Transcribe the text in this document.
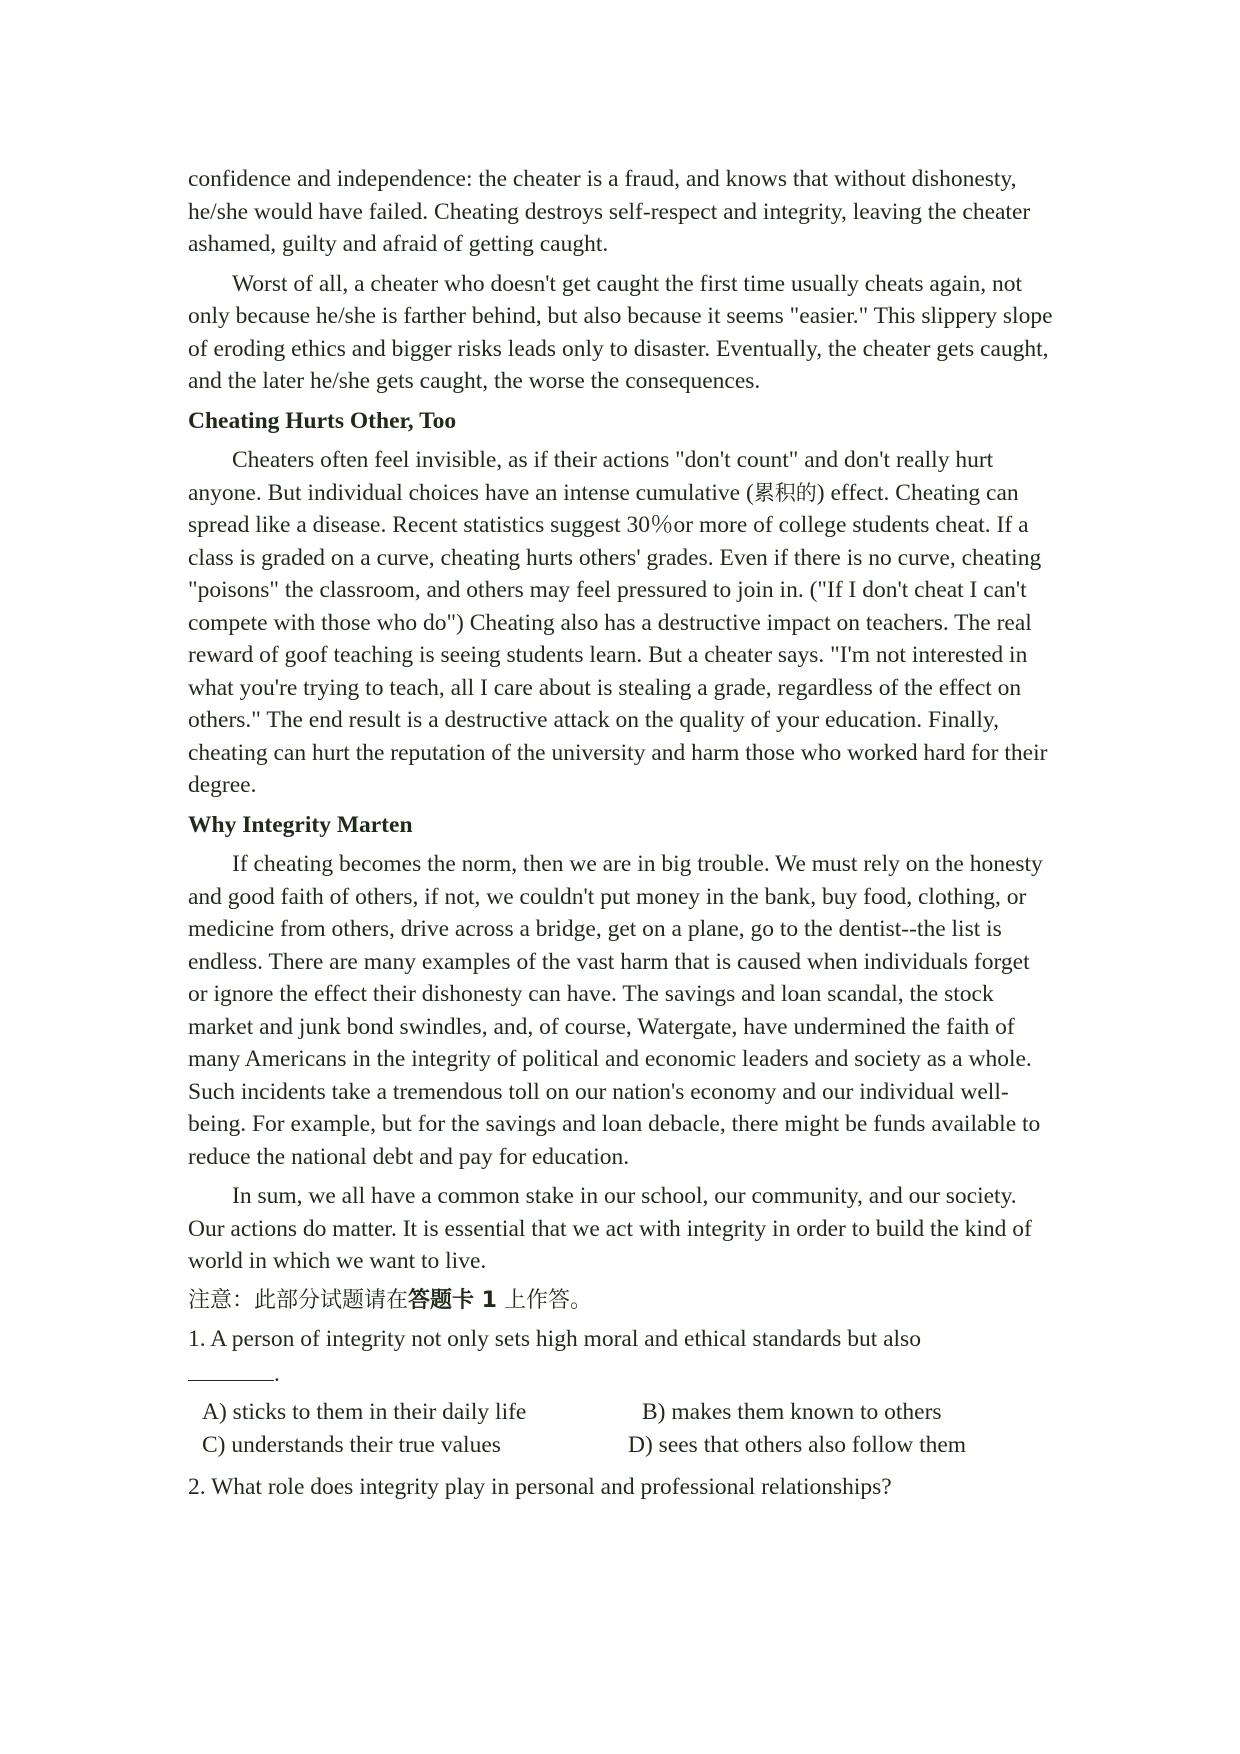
confidence and independence: the cheater is a fraud, and knows that without dishonesty, he/she would have failed. Cheating destroys self-respect and integrity, leaving the cheater ashamed, guilty and afraid of getting caught.

Worst of all, a cheater who doesn't get caught the first time usually cheats again, not only because he/she is farther behind, but also because it seems "easier." This slippery slope of eroding ethics and bigger risks leads only to disaster. Eventually, the cheater gets caught, and the later he/she gets caught, the worse the consequences.

Cheating Hurts Other, Too

Cheaters often feel invisible, as if their actions "don't count" and don't really hurt anyone. But individual choices have an intense cumulative (累积的) effect. Cheating can spread like a disease. Recent statistics suggest 30％or more of college students cheat. If a class is graded on a curve, cheating hurts others' grades. Even if there is no curve, cheating "poisons" the classroom, and others may feel pressured to join in. ("If I don't cheat I can't compete with those who do") Cheating also has a destructive impact on teachers. The real reward of goof teaching is seeing students learn. But a cheater says. "I'm not interested in what you're trying to teach, all I care about is stealing a grade, regardless of the effect on others." The end result is a destructive attack on the quality of your education. Finally, cheating can hurt the reputation of the university and harm those who worked hard for their degree.

Why Integrity Marten

If cheating becomes the norm, then we are in big trouble. We must rely on the honesty and good faith of others, if not, we couldn't put money in the bank, buy food, clothing, or medicine from others, drive across a bridge, get on a plane, go to the dentist--the list is endless. There are many examples of the vast harm that is caused when individuals forget or ignore the effect their dishonesty can have. The savings and loan scandal, the stock market and junk bond swindles, and, of course, Watergate, have undermined the faith of many Americans in the integrity of political and economic leaders and society as a whole. Such incidents take a tremendous toll on our nation's economy and our individual well-being. For example, but for the savings and loan debacle, there might be funds available to reduce the national debt and pay for education.

In sum, we all have a common stake in our school, our community, and our society. Our actions do matter. It is essential that we act with integrity in order to build the kind of world in which we want to live.

注意：此部分试题请在答题卡 1 上作答。
1. A person of integrity not only sets high moral and ethical standards but also
.
A) sticks to them in their daily life	B) makes them known to others
C) understands their true values	D) sees that others also follow them
2. What role does integrity play in personal and professional relationships?
